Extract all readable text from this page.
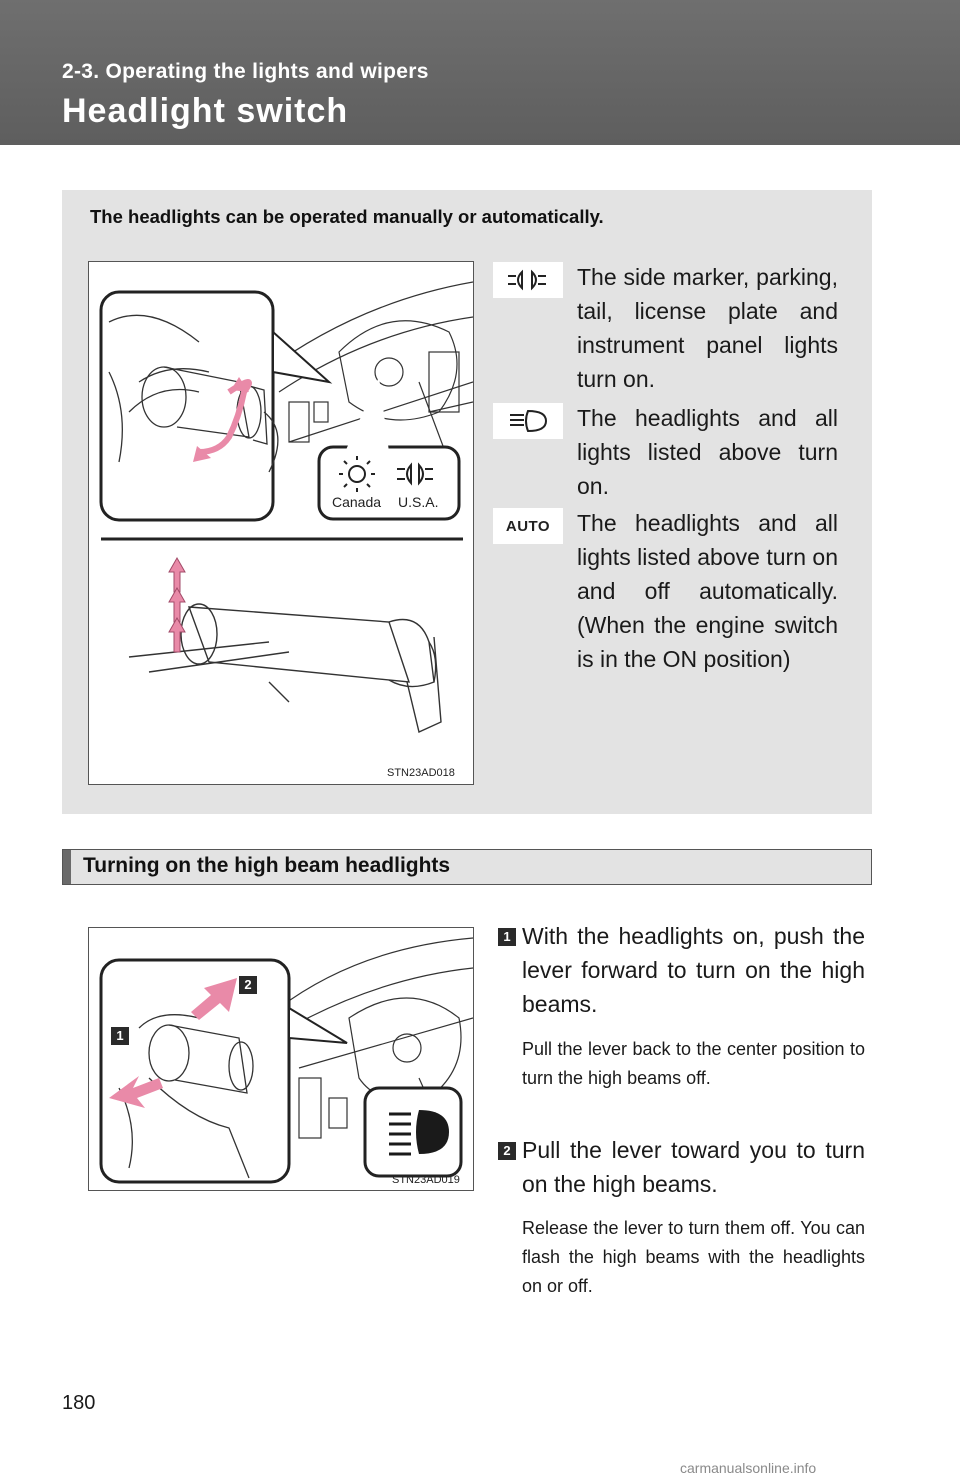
2-3. Operating the lights and wipers
Headlight switch
The headlights can be operated manually or automatically.
Canada U.S.A.
STN23AD018
The side marker, parking, tail, license plate and instrument panel lights turn on.
The headlights and all lights listed above turn on.
AUTO The headlights and all lights listed above turn on and off automatically. (When the engine switch is in the ON position)
Turning on the high beam headlights
STN23AD019
1
2
1 With the headlights on, push the lever forward to turn on the high beams.
Pull the lever back to the center position to turn the high beams off.
2 Pull the lever toward you to turn on the high beams.
Release the lever to turn them off. You can flash the high beams with the headlights on or off.
180
carmanualsonline.info
